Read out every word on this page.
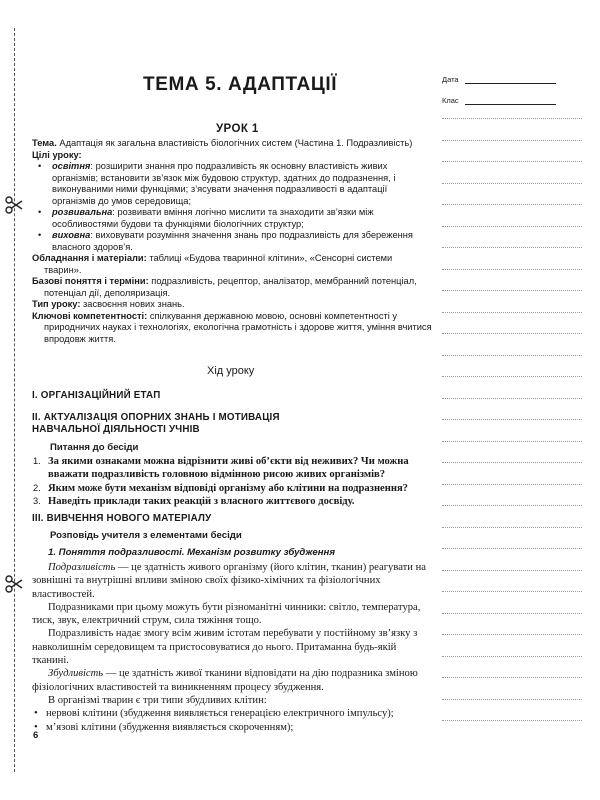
ТЕМА 5. АДАПТАЦІЇ
УРОК 1

Тема. Адаптація як загальна властивість біологічних систем (Частина 1. Подразливість)

Цілі уроку:

• освітня: розширити знання про подразливість як основну властивість живих організмів; встановити зв’язок між будовою структур, здатних до подразнення, і виконуваними ними функціями; з’ясувати значення подразливості в адаптації організмів до умов середовища;
• розвивальна: розвивати вміння логічно мислити та знаходити зв’язки між особливостями будови та функціями біологічних структур;
• виховна: виховувати розуміння значення знань про подразливість для збереження власного здоров’я.

Обладнання і матеріали: таблиці «Будова тваринної клітини», «Сенсорні системи тварин».

Базові поняття і терміни: подразливість, рецептор, аналізатор, мембранний потенціал, потенціал дії, деполяризація.

Тип уроку: засвоєння нових знань.

Ключові компетентності: спілкування державною мовою, основні компетентності у природничих науках і технологіях, екологічна грамотність і здорове життя, уміння вчитися впродовж життя.

Хід уроку

І. ОРГАНІЗАЦІЙНИЙ ЕТАП

ІІ. АКТУАЛІЗАЦІЯ ОПОРНИХ ЗНАНЬ І МОТИВАЦІЯ

НАВЧАЛЬНОЇ ДІЯЛЬНОСТІ УЧНІВ

Питання до бесіди

1. За якими ознаками можна відрізнити живі об’єкти від неживих? Чи можна вважати подразливість головною відмінною рисою живих організмів?
2. Яким може бути механізм відповіді організму або клітини на подразнення?
3. Наведіть приклади таких реакцій з власного життєвого досвіду.

ІІІ. ВИВЧЕННЯ НОВОГО МАТЕРІАЛУ

Розповідь учителя з елементами бесіди

1. Поняття подразливості. Механізм розвитку збудження

Подразливість — це здатність живого організму (його клітин, тканин) реагувати на зовнішні та внутрішні впливи зміною своїх фізико-хімічних та фізіологічних властивостей.

Подразниками при цьому можуть бути різноманітні чинники: світло, температура, тиск, звук, електричний струм, сила тяжіння тощо.

Подразливість надає змогу всім живим істотам перебувати у постійному зв’язку з навколишнім середовищем та пристосовуватися до нього. Притаманна будь-якій тканині.

Збудливість — це здатність живої тканини відповідати на дію подразника зміною фізіологічних властивостей та виникненням процесу збудження.

В організмі тварин є три типи збудливих клітин:

• нервові клітини (збудження виявляється генерацією електричного імпульсу);
• м’язові клітини (збудження виявляється скороченням);

6

Дата
Клас
